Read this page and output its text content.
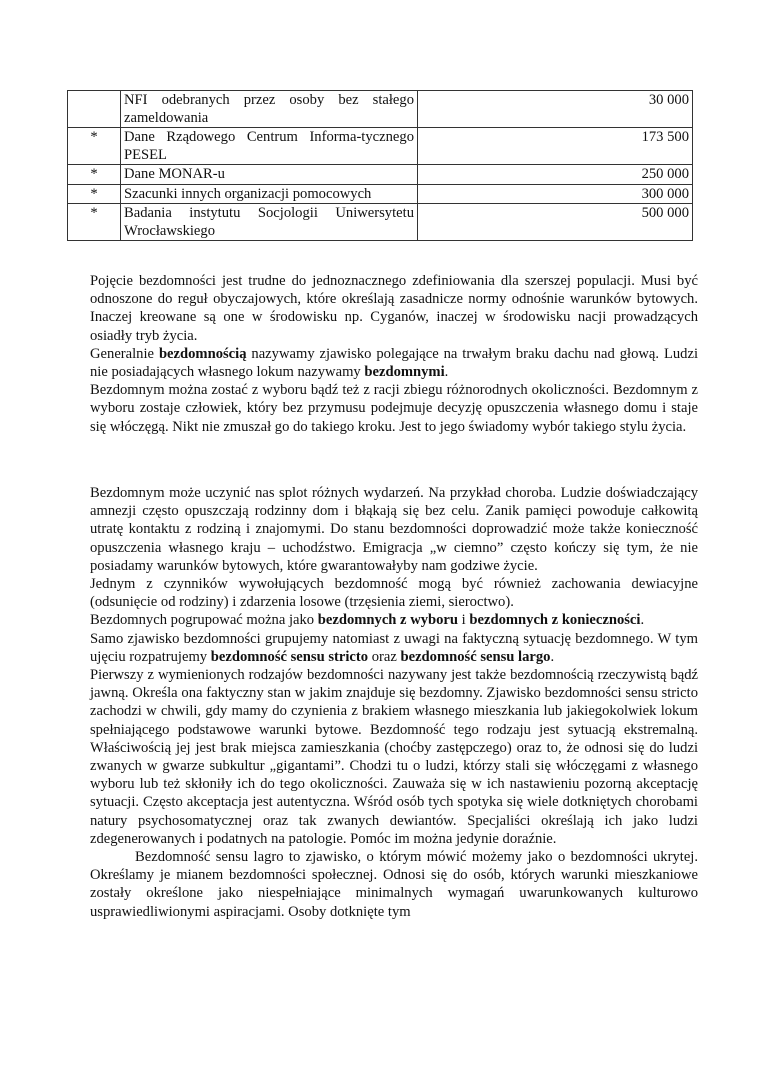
	NFI odebranych przez osoby bez stałego zameldowania	30 000
*	Dane Rządowego Centrum Informa-tycznego PESEL	173 500
*	Dane MONAR-u	250 000
*	Szacunki innych organizacji pomocowych	300 000
*	Badania instytutu Socjologii Uniwersytetu Wrocławskiego	500 000

Pojęcie bezdomności jest trudne do jednoznacznego zdefiniowania dla szerszej populacji. Musi być odnoszone do reguł obyczajowych, które określają zasadnicze normy odnośnie warunków bytowych. Inaczej kreowane są one w środowisku np. Cyganów, inaczej w środowisku nacji prowadzących osiadły tryb życia.

Generalnie bezdomnością nazywamy zjawisko polegające na trwałym braku dachu nad głową. Ludzi nie posiadających własnego lokum nazywamy bezdomnymi.

Bezdomnym można zostać z wyboru bądź też z racji zbiegu różnorodnych okoliczności. Bezdomnym z wyboru zostaje człowiek, który bez przymusu podejmuje decyzję opuszczenia własnego domu i staje się włóczęgą. Nikt nie zmuszał go do takiego kroku. Jest to jego świadomy wybór takiego stylu życia.

Bezdomnym może uczynić nas splot różnych wydarzeń. Na przykład choroba. Ludzie doświadczający amnezji często opuszczają rodzinny dom i błąkają się bez celu. Zanik pamięci powoduje całkowitą utratę kontaktu z rodziną i znajomymi. Do stanu bezdomności doprowadzić może także konieczność opuszczenia własnego kraju – uchodźstwo. Emigracja „w ciemno” często kończy się tym, że nie posiadamy warunków bytowych, które gwarantowałyby nam godziwe życie.

Jednym z czynników wywołujących bezdomność mogą być również zachowania dewiacyjne (odsunięcie od rodziny) i zdarzenia losowe (trzęsienia ziemi, sieroctwo).

Bezdomnych pogrupować można jako bezdomnych z wyboru i bezdomnych z konieczności.

Samo zjawisko bezdomności grupujemy natomiast z uwagi na faktyczną sytuację bezdomnego. W tym ujęciu rozpatrujemy bezdomność sensu stricto oraz bezdomność sensu largo.

Pierwszy z wymienionych rodzajów bezdomności nazywany jest także bezdomnością rzeczywistą bądź jawną. Określa ona faktyczny stan w jakim znajduje się bezdomny. Zjawisko bezdomności sensu stricto zachodzi w chwili, gdy mamy do czynienia z brakiem własnego mieszkania lub jakiegokolwiek lokum spełniającego podstawowe warunki bytowe. Bezdomność tego rodzaju jest sytuacją ekstremalną. Właściwością jej jest brak miejsca zamieszkania (choćby zastępczego) oraz to, że odnosi się do ludzi zwanych w gwarze subkultur „gigantami”. Chodzi tu o ludzi, którzy stali się włóczęgami z własnego wyboru lub też skłoniły ich do tego okoliczności. Zauważa się w ich nastawieniu pozorną akceptację sytuacji. Często akceptacja jest autentyczna. Wśród osób tych spotyka się wiele dotkniętych chorobami natury psychosomatycznej oraz tak zwanych dewiantów. Specjaliści określają ich jako ludzi zdegenerowanych i podatnych na patologie. Pomóc im można jedynie doraźnie.

Bezdomność sensu lagro to zjawisko, o którym mówić możemy jako o bezdomności ukrytej. Określamy je mianem bezdomności społecznej. Odnosi się do osób, których warunki mieszkaniowe zostały określone jako niespełniające minimalnych wymagań uwarunkowanych kulturowo usprawiedliwionymi aspiracjami. Osoby dotknięte tym
